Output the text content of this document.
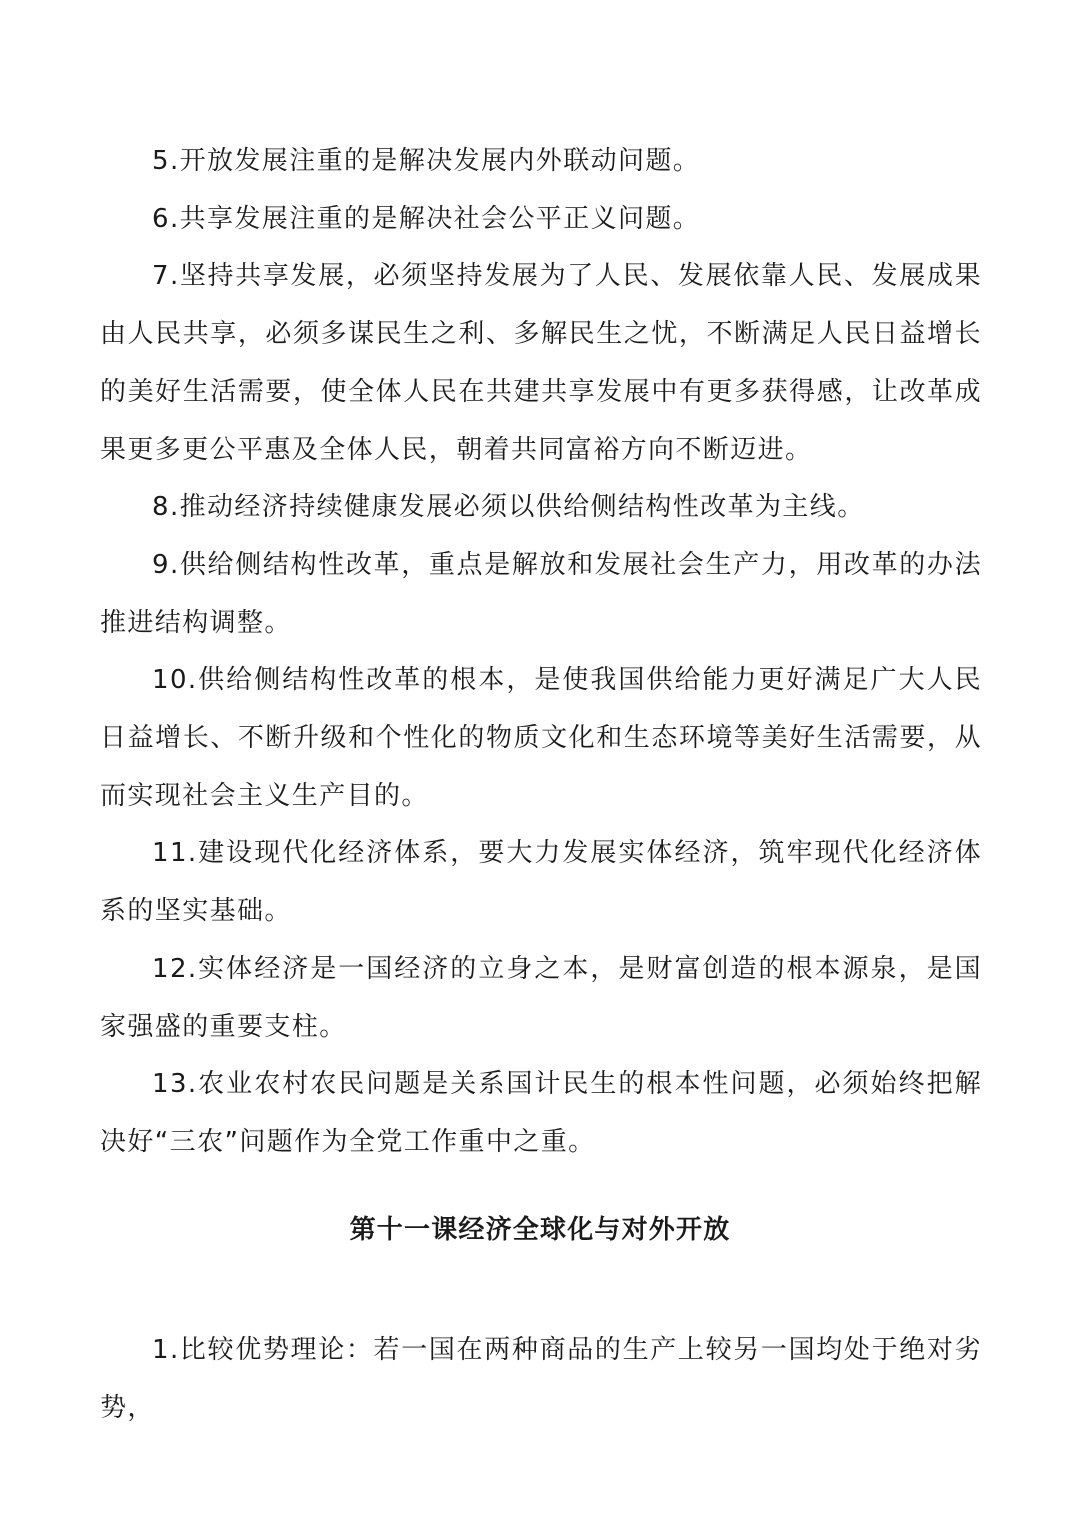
5.开放发展注重的是解决发展内外联动问题。

6.共享发展注重的是解决社会公平正义问题。

7.坚持共享发展，必须坚持发展为了人民、发展依靠人民、发展成果由人民共享，必须多谋民生之利、多解民生之忧，不断满足人民日益增长的美好生活需要，使全体人民在共建共享发展中有更多获得感，让改革成果更多更公平惠及全体人民，朝着共同富裕方向不断迈进。

8.推动经济持续健康发展必须以供给侧结构性改革为主线。

9.供给侧结构性改革，重点是解放和发展社会生产力，用改革的办法推进结构调整。

10.供给侧结构性改革的根本，是使我国供给能力更好满足广大人民日益增长、不断升级和个性化的物质文化和生态环境等美好生活需要，从而实现社会主义生产目的。

11.建设现代化经济体系，要大力发展实体经济，筑牢现代化经济体系的坚实基础。

12.实体经济是一国经济的立身之本，是财富创造的根本源泉，是国家强盛的重要支柱。

13.农业农村农民问题是关系国计民生的根本性问题，必须始终把解决好“三农”问题作为全党工作重中之重。

第十一课经济全球化与对外开放

1.比较优势理论：若一国在两种商品的生产上较另一国均处于绝对劣势，
